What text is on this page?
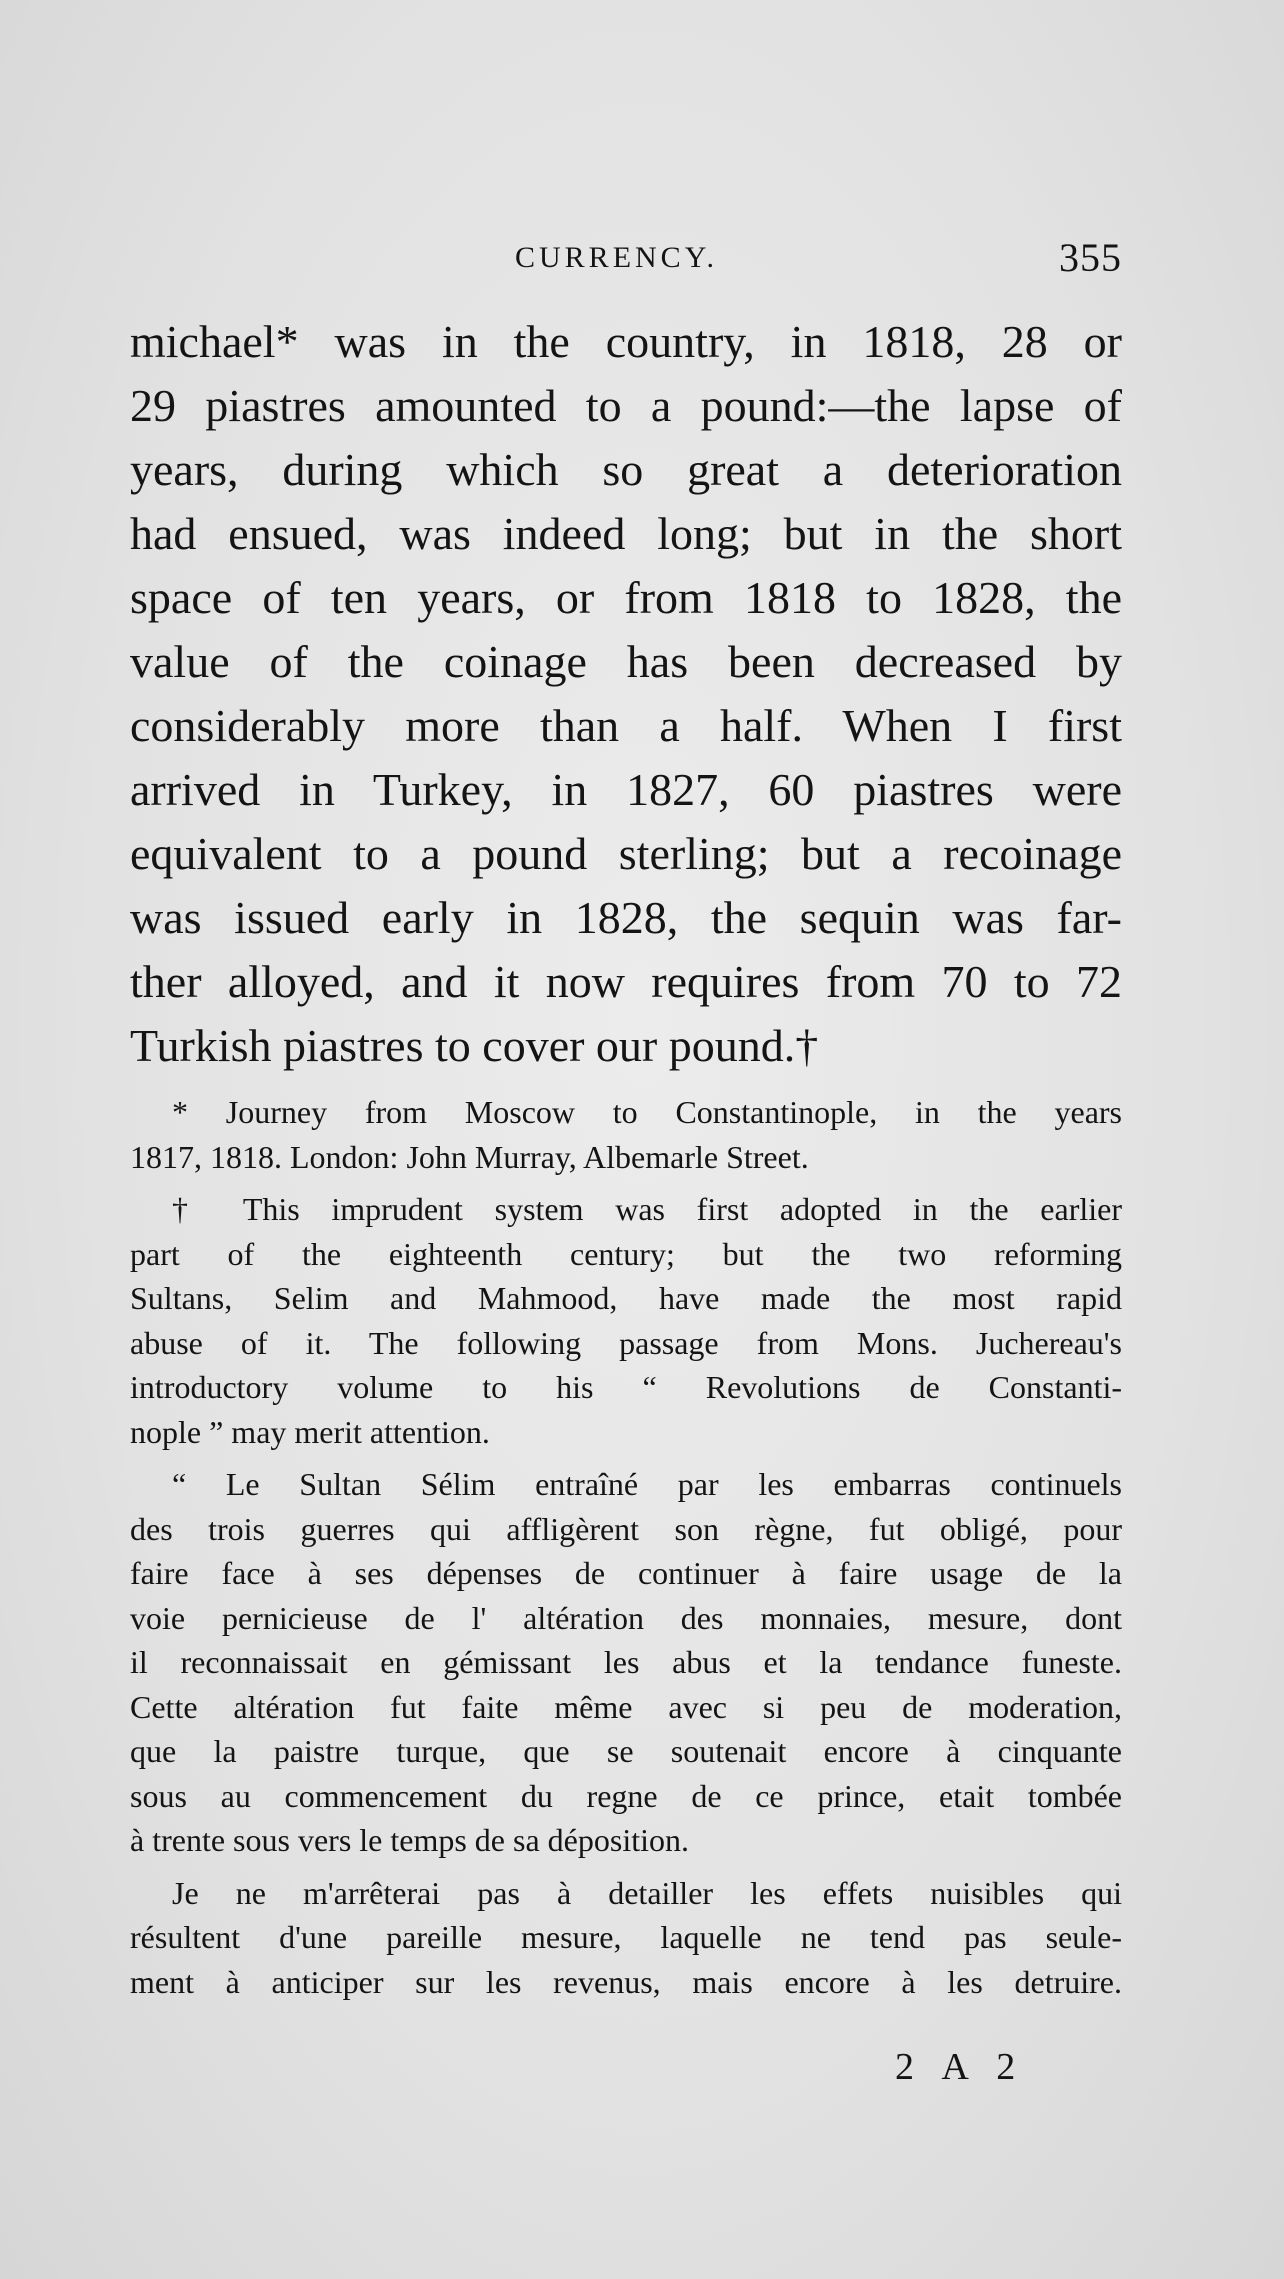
CURRENCY.	355
michael* was in the country, in 1818, 28 or
29 piastres amounted to a pound:—the lapse of
years, during which so great a deterioration
had ensued, was indeed long; but in the short
space of ten years, or from 1818 to 1828, the
value of the coinage has been decreased by
considerably more than a half. When I first
arrived in Turkey, in 1827, 60 piastres were
equivalent to a pound sterling; but a recoinage
was issued early in 1828, the sequin was far-
ther alloyed, and it now requires from 70 to 72
Turkish piastres to cover our pound.†
* Journey from Moscow to Constantinople, in the years
1817, 1818. London: John Murray, Albemarle Street.
† This imprudent system was first adopted in the earlier
part of the eighteenth century; but the two reforming
Sultans, Selim and Mahmood, have made the most rapid
abuse of it. The following passage from Mons. Juchereau's
introductory volume to his “ Revolutions de Constanti-
nople ” may merit attention.
“ Le Sultan Sélim entraîné par les embarras continuels
des trois guerres qui affligèrent son règne, fut obligé, pour
faire face à ses dépenses de continuer à faire usage de la
voie pernicieuse de l' altération des monnaies, mesure, dont
il reconnaissait en gémissant les abus et la tendance funeste.
Cette altération fut faite même avec si peu de moderation,
que la paistre turque, que se soutenait encore à cinquante
sous au commencement du regne de ce prince, etait tombée
à trente sous vers le temps de sa déposition.
Je ne m'arrêterai pas à detailler les effets nuisibles qui
résultent d'une pareille mesure, laquelle ne tend pas seule-
ment à anticiper sur les revenus, mais encore à les detruire.
2 A 2
